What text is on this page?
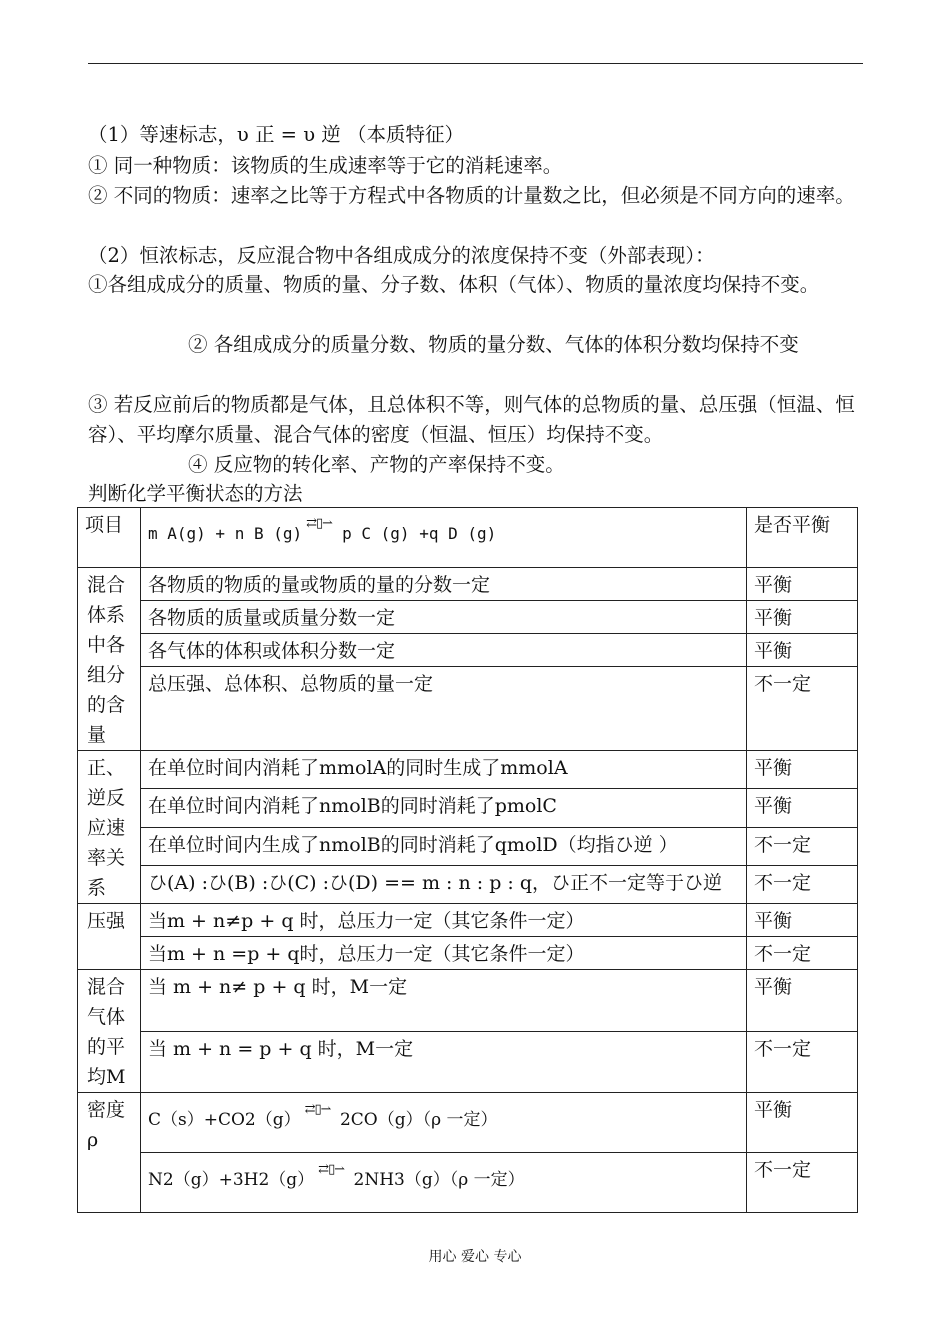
（1）等速标志，υ 正 = υ 逆 （本质特征）
① 同一种物质：该物质的生成速率等于它的消耗速率。
② 不同的物质：速率之比等于方程式中各物质的计量数之比，但必须是不同方向的速率。
（2）恒浓标志，反应混合物中各组成成分的浓度保持不变（外部表现）：
①各组成成分的质量、物质的量、分子数、体积（气体）、物质的量浓度均保持不变。
② 各组成成分的质量分数、物质的量分数、气体的体积分数均保持不变
③ 若反应前后的物质都是气体，且总体积不等，则气体的总物质的量、总压强（恒温、恒容）、平均摩尔质量、混合气体的密度（恒温、恒压）均保持不变。
④ 反应物的转化率、产物的产率保持不变。
判断化学平衡状态的方法
项目	m A(g) + n B (g)⇄▯⇀ p C (g) +q D (g)	是否平衡
混合体系中各组分的含量	各物质的物质的量或物质的量的分数一定	平衡
	各物质的质量或质量分数一定	平衡
	各气体的体积或体积分数一定	平衡
	总压强、总体积、总物质的量一定	不一定
正、逆反应速率关系	在单位时间内消耗了mmolA的同时生成了mmolA	平衡
	在单位时间内消耗了nmolB的同时消耗了pmolC	平衡
	在单位时间内生成了nmolB的同时消耗了qmolD（均指ひ逆 ）	不一定
	ひ(A) :ひ(B) :ひ(C) :ひ(D) == m : n : p : q，ひ正不一定等于ひ逆	不一定
压强	当m + n≠p + q 时，总压力一定（其它条件一定）	平衡
	当m + n =p + q时，总压力一定（其它条件一定）	不一定
混合气体的平均M	当 m + n≠ p + q 时，M一定	平衡
	当 m + n = p + q 时，M一定	不一定
密度ρ	C（s）+CO2（g）⇄▯⇀ 2CO（g）（ρ 一定）	平衡
	N2（g）+3H2（g）⇄▯⇀ 2NH3（g）（ρ 一定）	不一定
用心 爱心 专心
